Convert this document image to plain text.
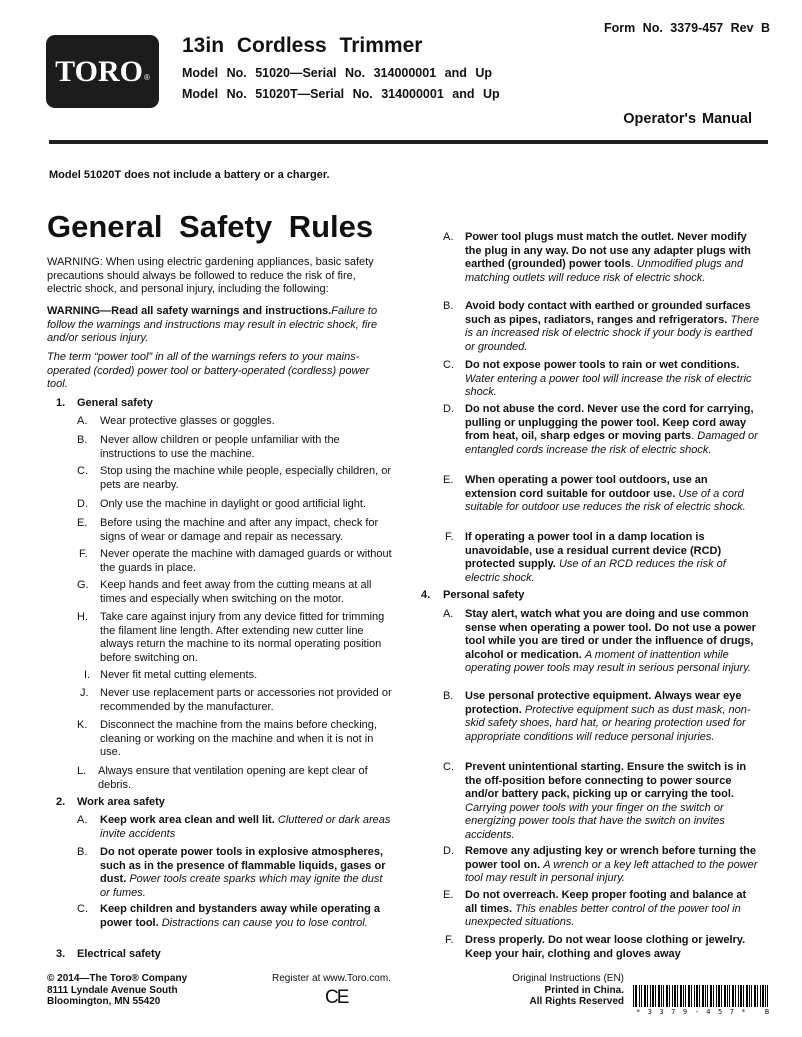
TORO ®
Form No. 3379-457 Rev B
13in Cordless Trimmer
Model No. 51020—Serial No. 314000001 and Up
Model No. 51020T—Serial No. 314000001 and Up
Operator's Manual
Model 51020T does not include a battery or a charger.
General Safety Rules

WARNING: When using electric gardening appliances, basic safety precautions should always be followed to reduce the risk of fire, electric shock, and personal injury, including the following:

WARNING—Read all safety warnings and instructions.Failure to follow the warnings and instructions may result in electric shock, fire and/or serious injury.

The term “power tool” in all of the warnings refers to your mains-operated (corded) power tool or battery-operated (cordless) power tool.
1. General safety
A. Wear protective glasses or goggles.
B. Never allow children or people unfamiliar with the instructions to use the machine.
C. Stop using the machine while people, especially children, or pets are nearby.
D. Only use the machine in daylight or good artificial light.
E. Before using the machine and after any impact, check for signs of wear or damage and repair as necessary.
F. Never operate the machine with damaged guards or without the guards in place.
G. Keep hands and feet away from the cutting means at all times and especially when switching on the motor.
H. Take care against injury from any device fitted for trimming the filament line length. After extending new cutter line always return the machine to its normal operating position before switching on.
I. Never fit metal cutting elements.
J. Never use replacement parts or accessories not provided or recommended by the manufacturer.
K. Disconnect the machine from the mains before checking, cleaning or working on the machine and when it is not in use.
L. Always ensure that ventilation opening are kept clear of debris.
2. Work area safety
A. Keep work area clean and well lit. Cluttered or dark areas invite accidents
B. Do not operate power tools in explosive atmospheres, such as in the presence of flammable liquids, gases or dust. Power tools create sparks which may ignite the dust or fumes.
C. Keep children and bystanders away while operating a power tool. Distractions can cause you to lose control.
3. Electrical safety
A. Power tool plugs must match the outlet. Never modify the plug in any way. Do not use any adapter plugs with earthed (grounded) power tools. Unmodified plugs and matching outlets will reduce risk of electric shock.
B. Avoid body contact with earthed or grounded surfaces such as pipes, radiators, ranges and refrigerators. There is an increased risk of electric shock if your body is earthed or grounded.
C. Do not expose power tools to rain or wet conditions. Water entering a power tool will increase the risk of electric shock.
D. Do not abuse the cord. Never use the cord for carrying, pulling or unplugging the power tool. Keep cord away from heat, oil, sharp edges or moving parts. Damaged or entangled cords increase the risk of electric shock.
E. When operating a power tool outdoors, use an extension cord suitable for outdoor use. Use of a cord suitable for outdoor use reduces the risk of electric shock.
F. If operating a power tool in a damp location is unavoidable, use a residual current device (RCD) protected supply. Use of an RCD reduces the risk of electric shock.
4. Personal safety
A. Stay alert, watch what you are doing and use common sense when operating a power tool. Do not use a power tool while you are tired or under the influence of drugs, alcohol or medication. A moment of inattention while operating power tools may result in serious personal injury.
B. Use personal protective equipment. Always wear eye protection. Protective equipment such as dust mask, non-skid safety shoes, hard hat, or hearing protection used for appropriate conditions will reduce personal injuries.
C. Prevent unintentional starting. Ensure the switch is in the off-position before connecting to power source and/or battery pack, picking up or carrying the tool. Carrying power tools with your finger on the switch or energizing power tools that have the switch on invites accidents.
D. Remove any adjusting key or wrench before turning the power tool on. A wrench or a key left attached to the power tool may result in personal injury.
E. Do not overreach. Keep proper footing and balance at all times. This enables better control of the power tool in unexpected situations.
F. Dress properly. Do not wear loose clothing or jewelry. Keep your hair, clothing and gloves away
© 2014—The Toro® Company
8111 Lyndale Avenue South
Bloomington, MN 55420
Register at www.Toro.com.
CE
Original Instructions (EN)
Printed in China.
All Rights Reserved
*3379-457* B
